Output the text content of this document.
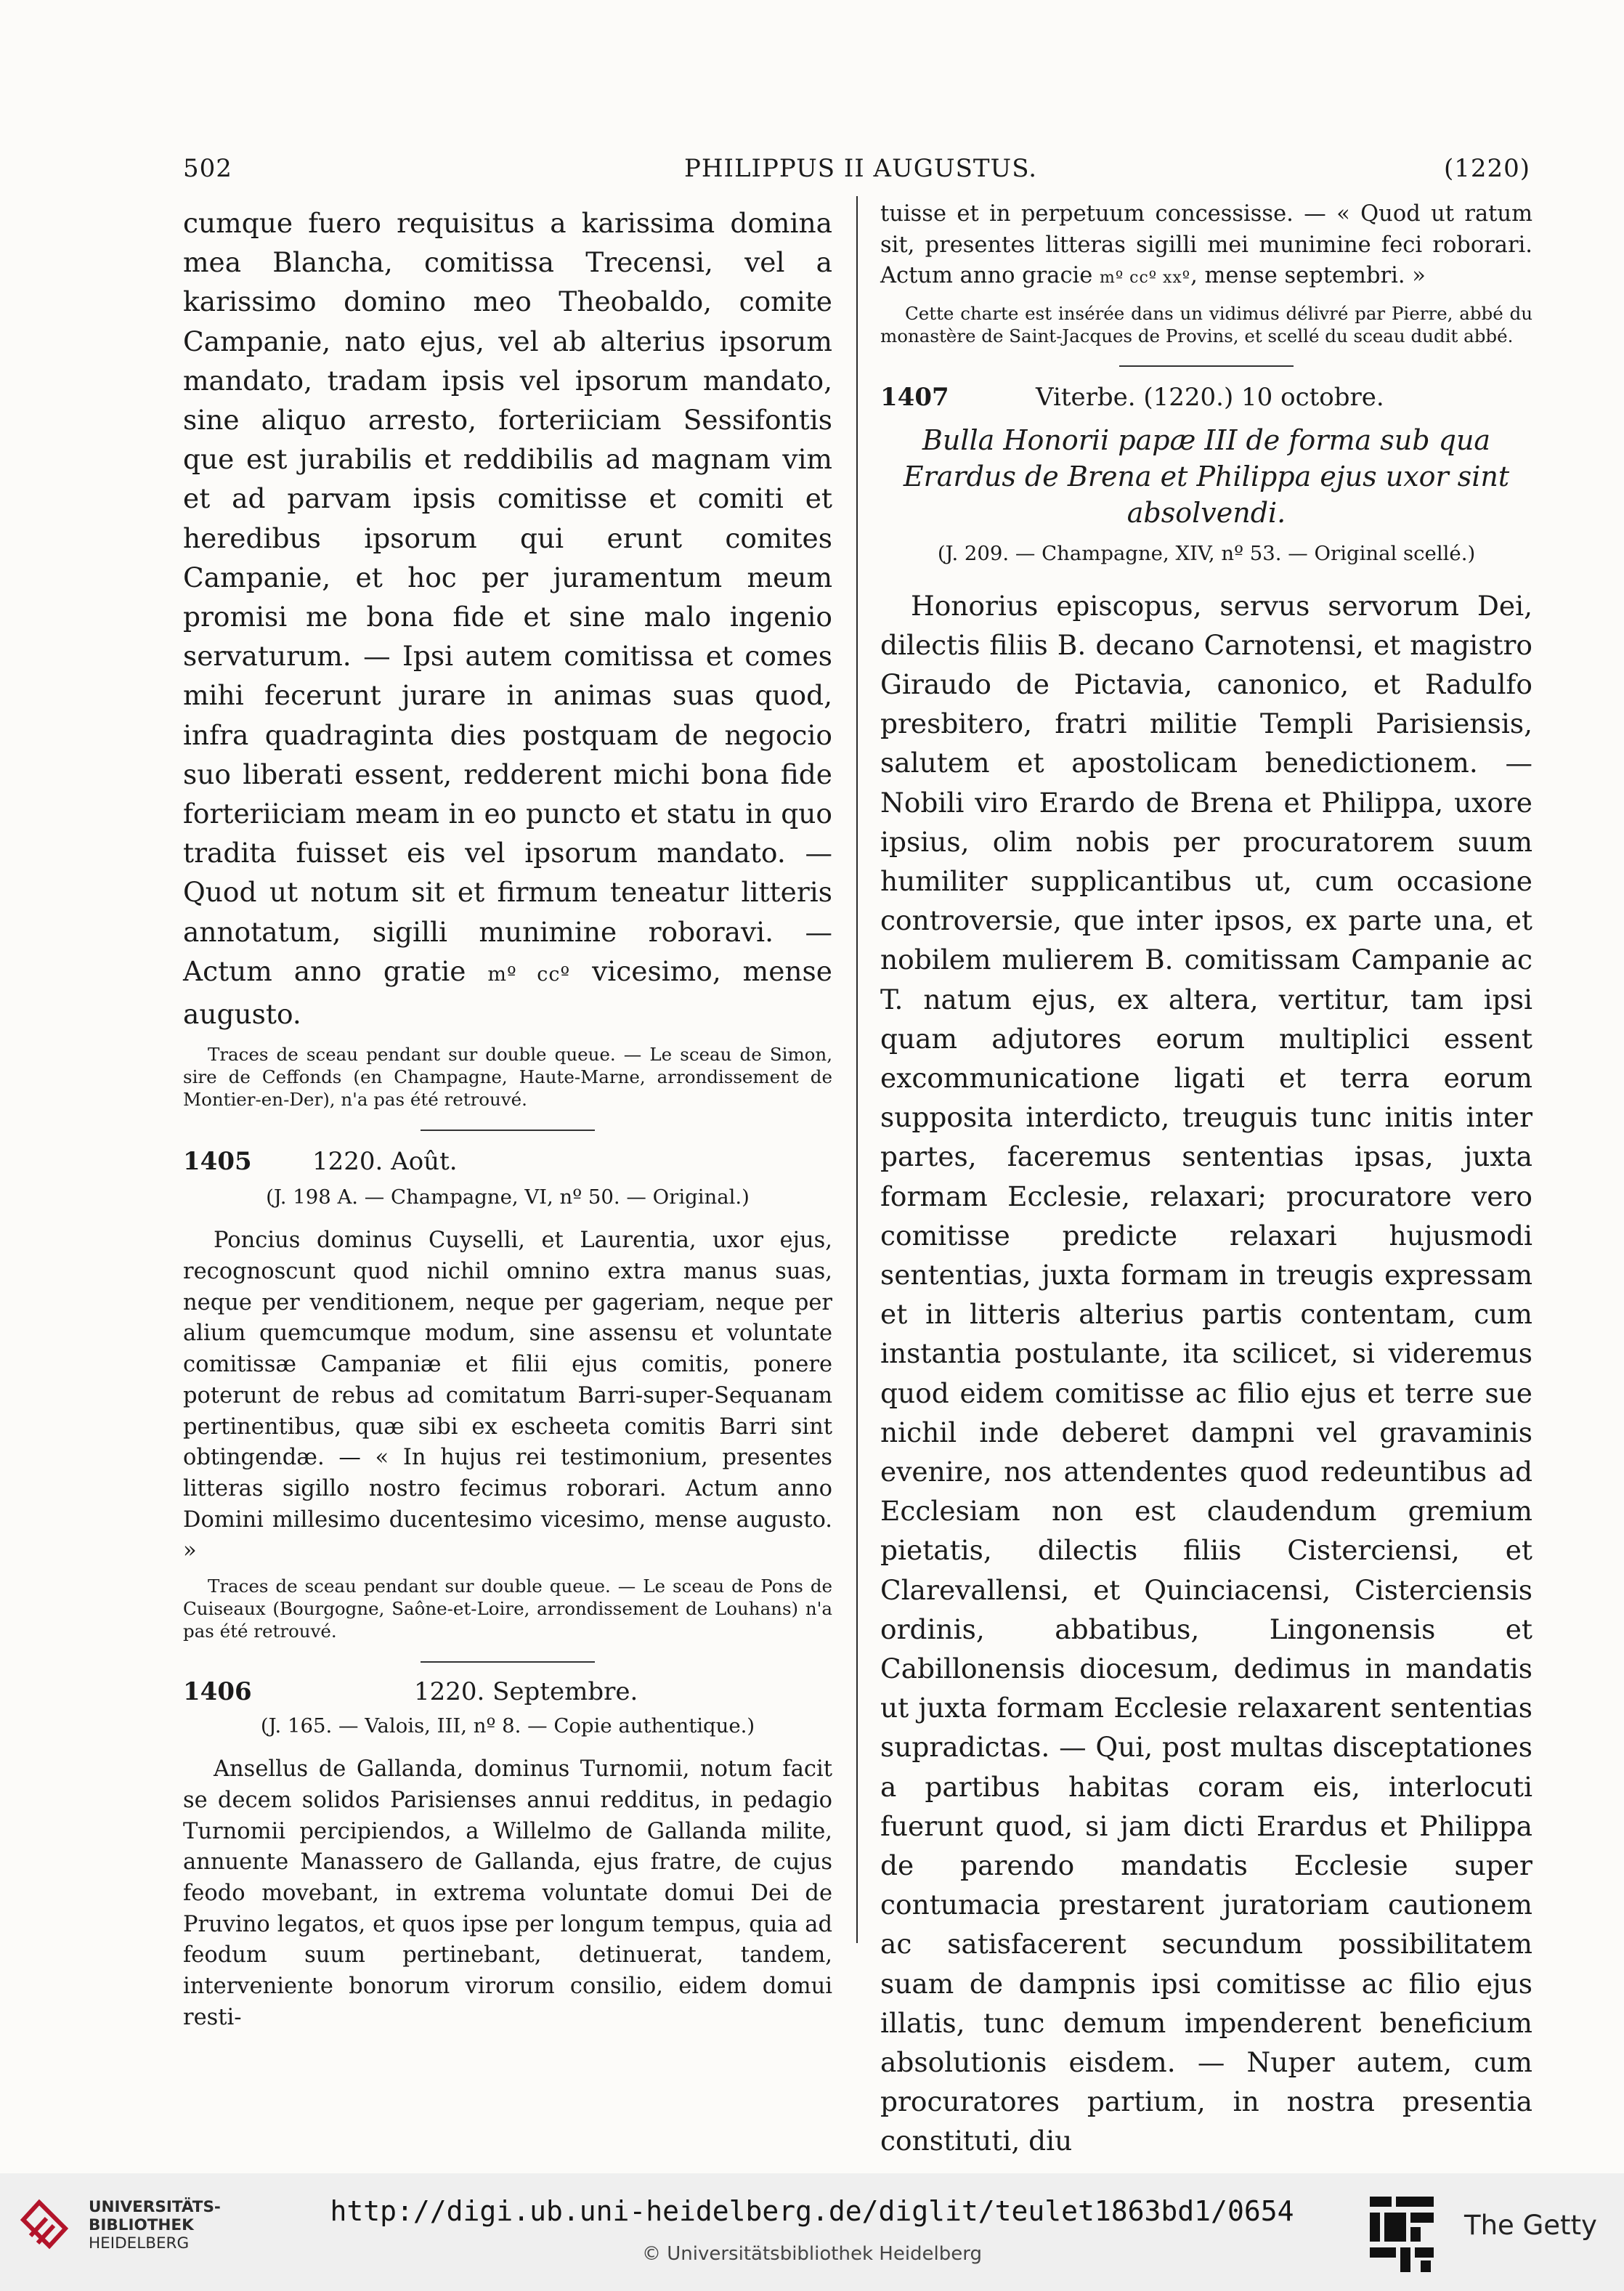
502	PHILIPPUS II AUGUSTUS.	(1220)

cumque fuero requisitus a karissima domina mea Blancha, comitissa Trecensi, vel a karissimo domino meo Theobaldo, comite Campanie, nato ejus, vel ab alterius ipsorum mandato, tradam ipsis vel ipsorum mandato, sine aliquo arresto, forteriiciam Sessifontis que est jurabilis et reddibilis ad magnam vim et ad parvam ipsis comitisse et comiti et heredibus ipsorum qui erunt comites Campanie, et hoc per juramentum meum promisi me bona fide et sine malo ingenio servaturum. — Ipsi autem comitissa et comes mihi fecerunt jurare in animas suas quod, infra quadraginta dies postquam de negocio suo liberati essent, redderent michi bona fide forteriiciam meam in eo puncto et statu in quo tradita fuisset eis vel ipsorum mandato. — Quod ut notum sit et firmum teneatur litteris annotatum, sigilli munimine roboravi. — Actum anno gratie mº ccº vicesimo, mense augusto.

Traces de sceau pendant sur double queue. — Le sceau de Simon, sire de Ceffonds (en Champagne, Haute-Marne, arrondissement de Montier-en-Der), n'a pas été retrouvé.

1405	1220. Août.

(J. 198 A. — Champagne, VI, nº 50. — Original.)

Poncius dominus Cuyselli, et Laurentia, uxor ejus, recognoscunt quod nichil omnino extra manus suas, neque per venditionem, neque per gageriam, neque per alium quemcumque modum, sine assensu et voluntate comitissæ Campaniæ et filii ejus comitis, ponere poterunt de rebus ad comitatum Barri-super-Sequanam pertinentibus, quæ sibi ex escheeta comitis Barri sint obtingendæ. — « In hujus rei testimonium, presentes litteras sigillo nostro fecimus roborari. Actum anno Domini millesimo ducentesimo vicesimo, mense augusto. »

Traces de sceau pendant sur double queue. — Le sceau de Pons de Cuiseaux (Bourgogne, Saône-et-Loire, arrondissement de Louhans) n'a pas été retrouvé.

1406	1220. Septembre.

(J. 165. — Valois, III, nº 8. — Copie authentique.)

Ansellus de Gallanda, dominus Turnomii, notum facit se decem solidos Parisienses annui redditus, in pedagio Turnomii percipiendos, a Willelmo de Gallanda milite, annuente Manassero de Gallanda, ejus fratre, de cujus feodo movebant, in extrema voluntate domui Dei de Pruvino legatos, et quos ipse per longum tempus, quia ad feodum suum pertinebant, detinuerat, tandem, interveniente bonorum virorum consilio, eidem domui resti-

tuisse et in perpetuum concessisse. — « Quod ut ratum sit, presentes litteras sigilli mei munimine feci roborari. Actum anno gracie mº ccº xxº, mense septembri. »

Cette charte est insérée dans un vidimus délivré par Pierre, abbé du monastère de Saint-Jacques de Provins, et scellé du sceau dudit abbé.

1407	Viterbe. (1220.) 10 octobre.

Bulla Honorii papæ III de forma sub qua Erardus de Brena et Philippa ejus uxor sint absolvendi.

(J. 209. — Champagne, XIV, nº 53. — Original scellé.)

Honorius episcopus, servus servorum Dei, dilectis filiis B. decano Carnotensi, et magistro Giraudo de Pictavia, canonico, et Radulfo presbitero, fratri militie Templi Parisiensis, salutem et apostolicam benedictionem. — Nobili viro Erardo de Brena et Philippa, uxore ipsius, olim nobis per procuratorem suum humiliter supplicantibus ut, cum occasione controversie, que inter ipsos, ex parte una, et nobilem mulierem B. comitissam Campanie ac T. natum ejus, ex altera, vertitur, tam ipsi quam adjutores eorum multiplici essent excommunicatione ligati et terra eorum supposita interdicto, treuguis tunc initis inter partes, faceremus sententias ipsas, juxta formam Ecclesie, relaxari; procuratore vero comitisse predicte relaxari hujusmodi sententias, juxta formam in treugis expressam et in litteris alterius partis contentam, cum instantia postulante, ita scilicet, si videremus quod eidem comitisse ac filio ejus et terre sue nichil inde deberet dampni vel gravaminis evenire, nos attendentes quod redeuntibus ad Ecclesiam non est claudendum gremium pietatis, dilectis filiis Cisterciensi, et Clarevallensi, et Quinciacensi, Cisterciensis ordinis, abbatibus, Lingonensis et Cabillonensis diocesum, dedimus in mandatis ut juxta formam Ecclesie relaxarent sententias supradictas. — Qui, post multas disceptationes a partibus habitas coram eis, interlocuti fuerunt quod, si jam dicti Erardus et Philippa de parendo mandatis Ecclesie super contumacia prestarent juratoriam cautionem ac satisfacerent secundum possibilitatem suam de dampnis ipsi comitisse ac filio ejus illatis, tunc demum impenderent beneficium absolutionis eisdem. — Nuper autem, cum procuratores partium, in nostra presentia constituti, diu

UNIVERSITÄTS-
BIBLIOTHEK
HEIDELBERG
http://digi.ub.uni-heidelberg.de/diglit/teulet1863bd1/0654
© Universitätsbibliothek Heidelberg
The Getty
